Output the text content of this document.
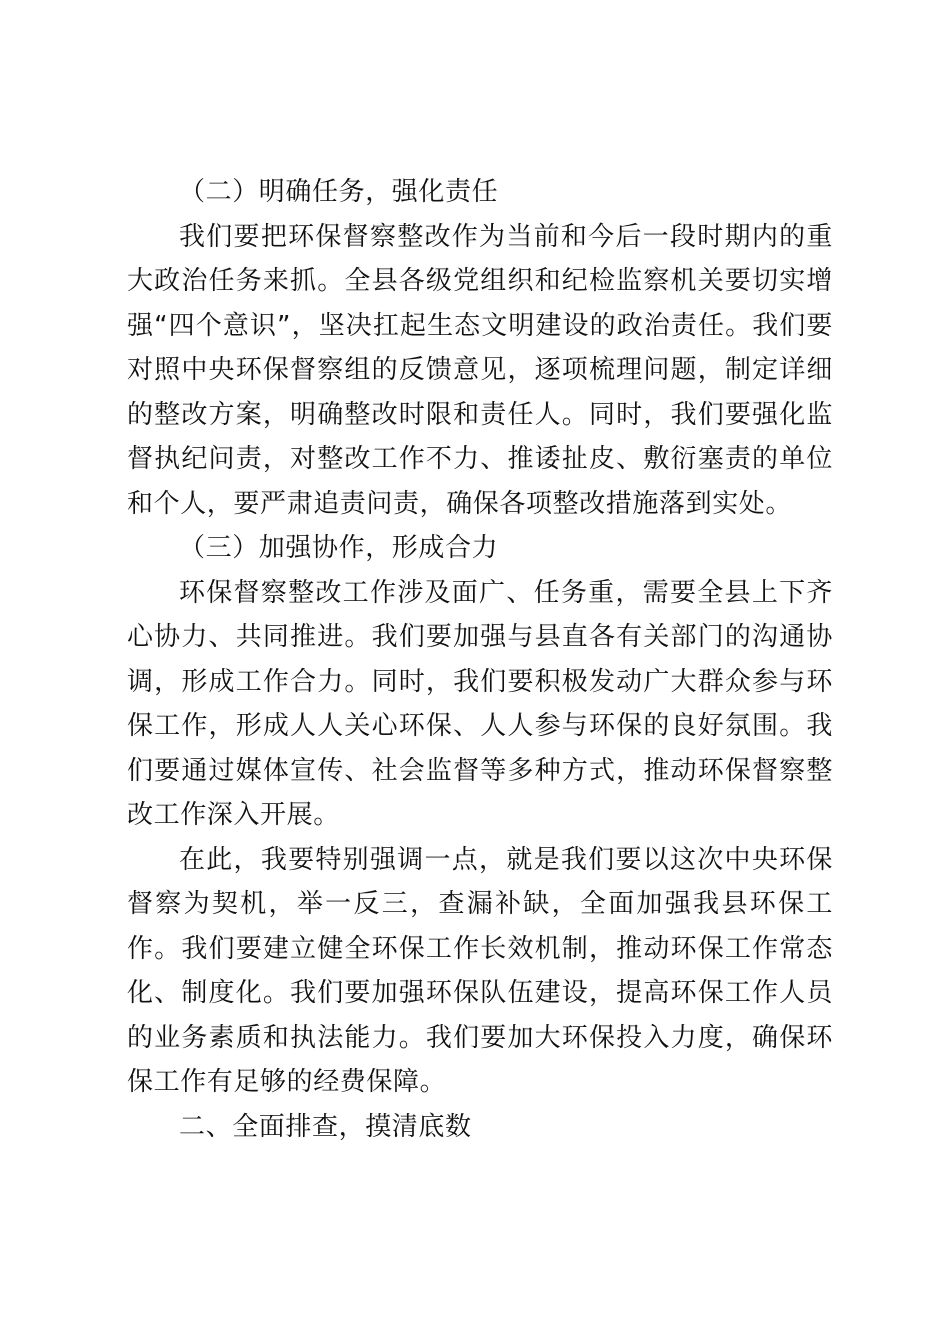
（二）明确任务，强化责任

我们要把环保督察整改作为当前和今后一段时期内的重大政治任务来抓。全县各级党组织和纪检监察机关要切实增强“四个意识”，坚决扛起生态文明建设的政治责任。我们要对照中央环保督察组的反馈意见，逐项梳理问题，制定详细的整改方案，明确整改时限和责任人。同时，我们要强化监督执纪问责，对整改工作不力、推诿扯皮、敷衍塞责的单位和个人，要严肃追责问责，确保各项整改措施落到实处。

（三）加强协作，形成合力

环保督察整改工作涉及面广、任务重，需要全县上下齐心协力、共同推进。我们要加强与县直各有关部门的沟通协调，形成工作合力。同时，我们要积极发动广大群众参与环保工作，形成人人关心环保、人人参与环保的良好氛围。我们要通过媒体宣传、社会监督等多种方式，推动环保督察整改工作深入开展。

在此，我要特别强调一点，就是我们要以这次中央环保督察为契机，举一反三，查漏补缺，全面加强我县环保工作。我们要建立健全环保工作长效机制，推动环保工作常态化、制度化。我们要加强环保队伍建设，提高环保工作人员的业务素质和执法能力。我们要加大环保投入力度，确保环保工作有足够的经费保障。

二、全面排查，摸清底数
